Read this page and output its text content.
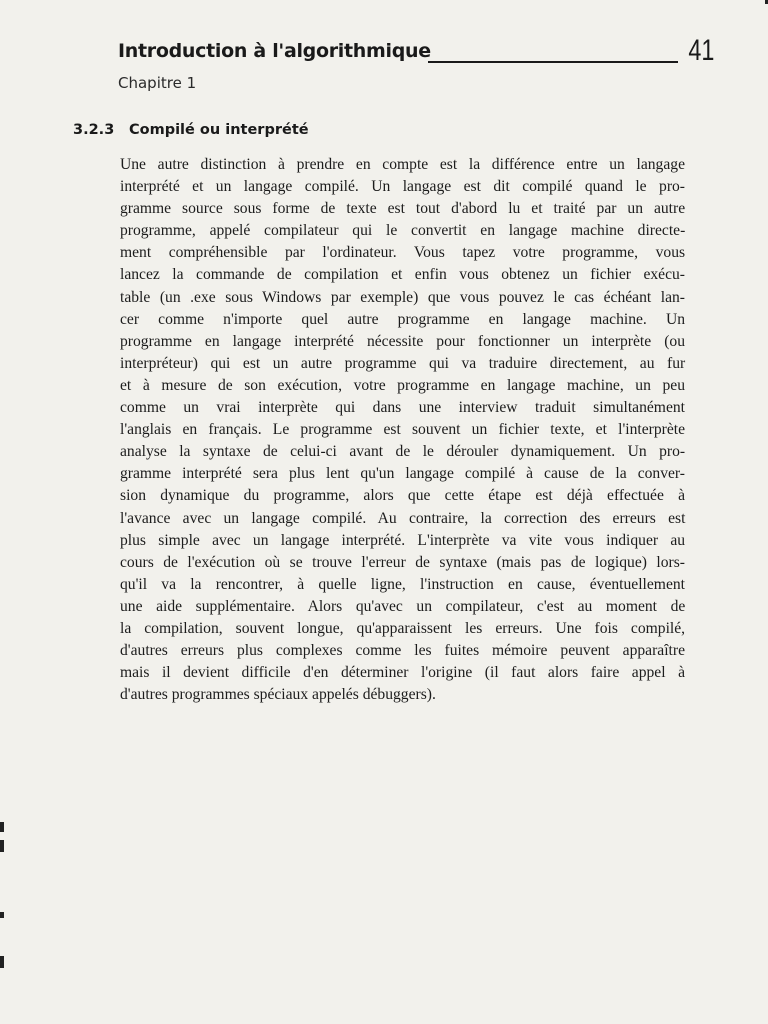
Introduction à l'algorithmique	41
Chapitre 1
3.2.3 Compilé ou interprété
Une autre distinction à prendre en compte est la différence entre un langage
interprété et un langage compilé. Un langage est dit compilé quand le pro-
gramme source sous forme de texte est tout d'abord lu et traité par un autre
programme, appelé compilateur qui le convertit en langage machine directe-
ment compréhensible par l'ordinateur. Vous tapez votre programme, vous
lancez la commande de compilation et enfin vous obtenez un fichier exécu-
table (un .exe sous Windows par exemple) que vous pouvez le cas échéant lan-
cer comme n'importe quel autre programme en langage machine. Un
programme en langage interprété nécessite pour fonctionner un interprète (ou
interpréteur) qui est un autre programme qui va traduire directement, au fur
et à mesure de son exécution, votre programme en langage machine, un peu
comme un vrai interprète qui dans une interview traduit simultanément
l'anglais en français. Le programme est souvent un fichier texte, et l'interprète
analyse la syntaxe de celui-ci avant de le dérouler dynamiquement. Un pro-
gramme interprété sera plus lent qu'un langage compilé à cause de la conver-
sion dynamique du programme, alors que cette étape est déjà effectuée à
l'avance avec un langage compilé. Au contraire, la correction des erreurs est
plus simple avec un langage interprété. L'interprète va vite vous indiquer au
cours de l'exécution où se trouve l'erreur de syntaxe (mais pas de logique) lors-
qu'il va la rencontrer, à quelle ligne, l'instruction en cause, éventuellement
une aide supplémentaire. Alors qu'avec un compilateur, c'est au moment de
la compilation, souvent longue, qu'apparaissent les erreurs. Une fois compilé,
d'autres erreurs plus complexes comme les fuites mémoire peuvent apparaître
mais il devient difficile d'en déterminer l'origine (il faut alors faire appel à
d'autres programmes spéciaux appelés débuggers).
